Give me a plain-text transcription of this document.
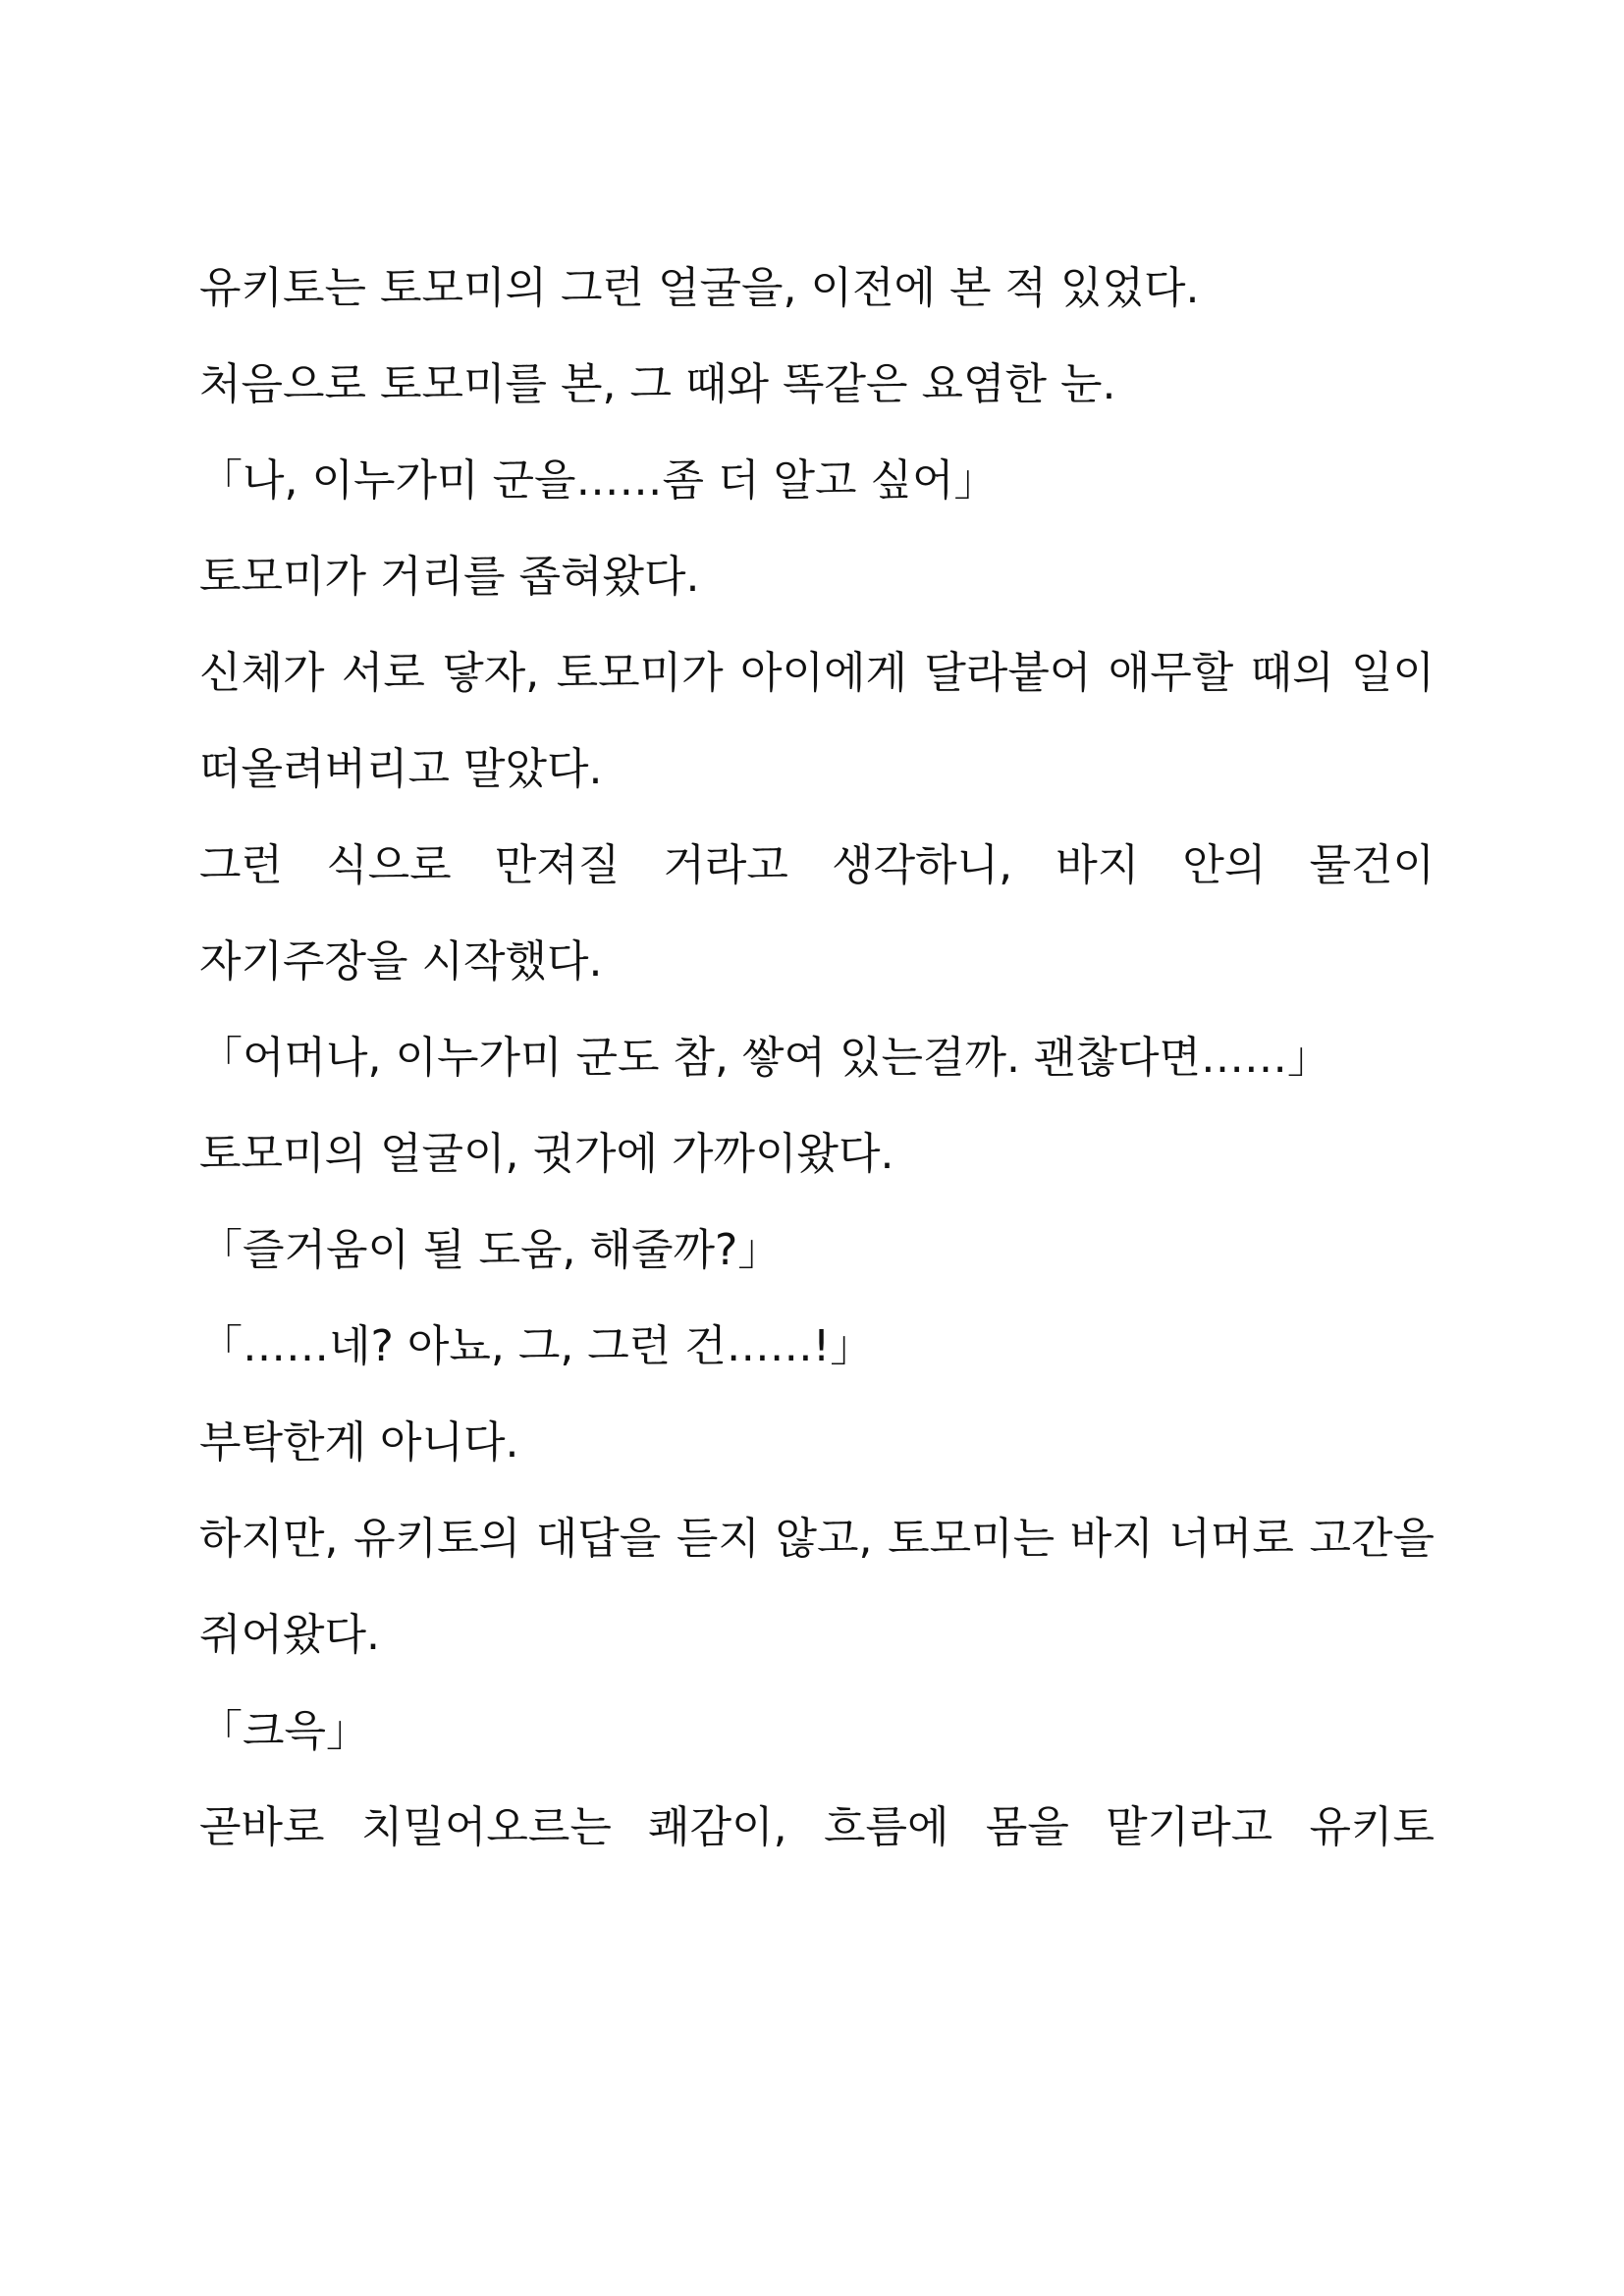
유키토는 토모미의 그런 얼굴을, 이전에 본 적 있었다.

처음으로 토모미를 본, 그 때와 똑같은 요염한 눈.

「나, 이누가미 군을……좀 더 알고 싶어」

토모미가 거리를 좁혀왔다.

신체가 서로 닿자, 토모미가 아이에게 달라붙어 애무할 때의 일이 떠올려버리고 말았다.

그런 식으로 만져질 거라고 생각하니, 바지 안의 물건이 자기주장을 시작했다.

「어머나, 이누가미 군도 참, 쌓여 있는걸까. 괜찮다면……」

토모미의 얼굴이, 귓가에 가까이왔다.

「즐거움이 될 도움, 해줄까?」

「……네? 아뇨, 그, 그런 건……!」

부탁한게 아니다.

하지만, 유키토의 대답을 듣지 않고, 토모미는 바지 너머로 고간을 쥐어왔다.

「크윽」

곧바로 치밀어오르는 쾌감이, 흐름에 몸을 맡기라고 유키토
